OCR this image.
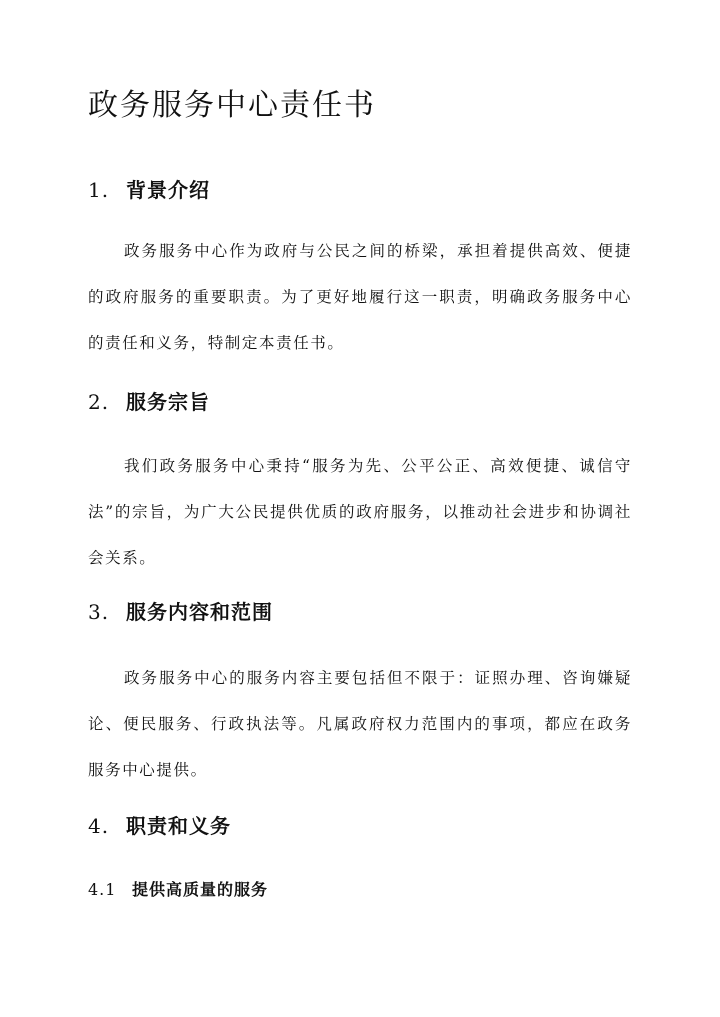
政务服务中心责任书
1. 背景介绍

政务服务中心作为政府与公民之间的桥梁，承担着提供高效、便捷的政府服务的重要职责。为了更好地履行这一职责，明确政务服务中心的责任和义务，特制定本责任书。

2. 服务宗旨

我们政务服务中心秉持“服务为先、公平公正、高效便捷、诚信守法”的宗旨，为广大公民提供优质的政府服务，以推动社会进步和协调社会关系。

3. 服务内容和范围

政务服务中心的服务内容主要包括但不限于：证照办理、咨询嫌疑论、便民服务、行政执法等。凡属政府权力范围内的事项，都应在政务服务中心提供。

4. 职责和义务
4.1 提供高质量的服务
